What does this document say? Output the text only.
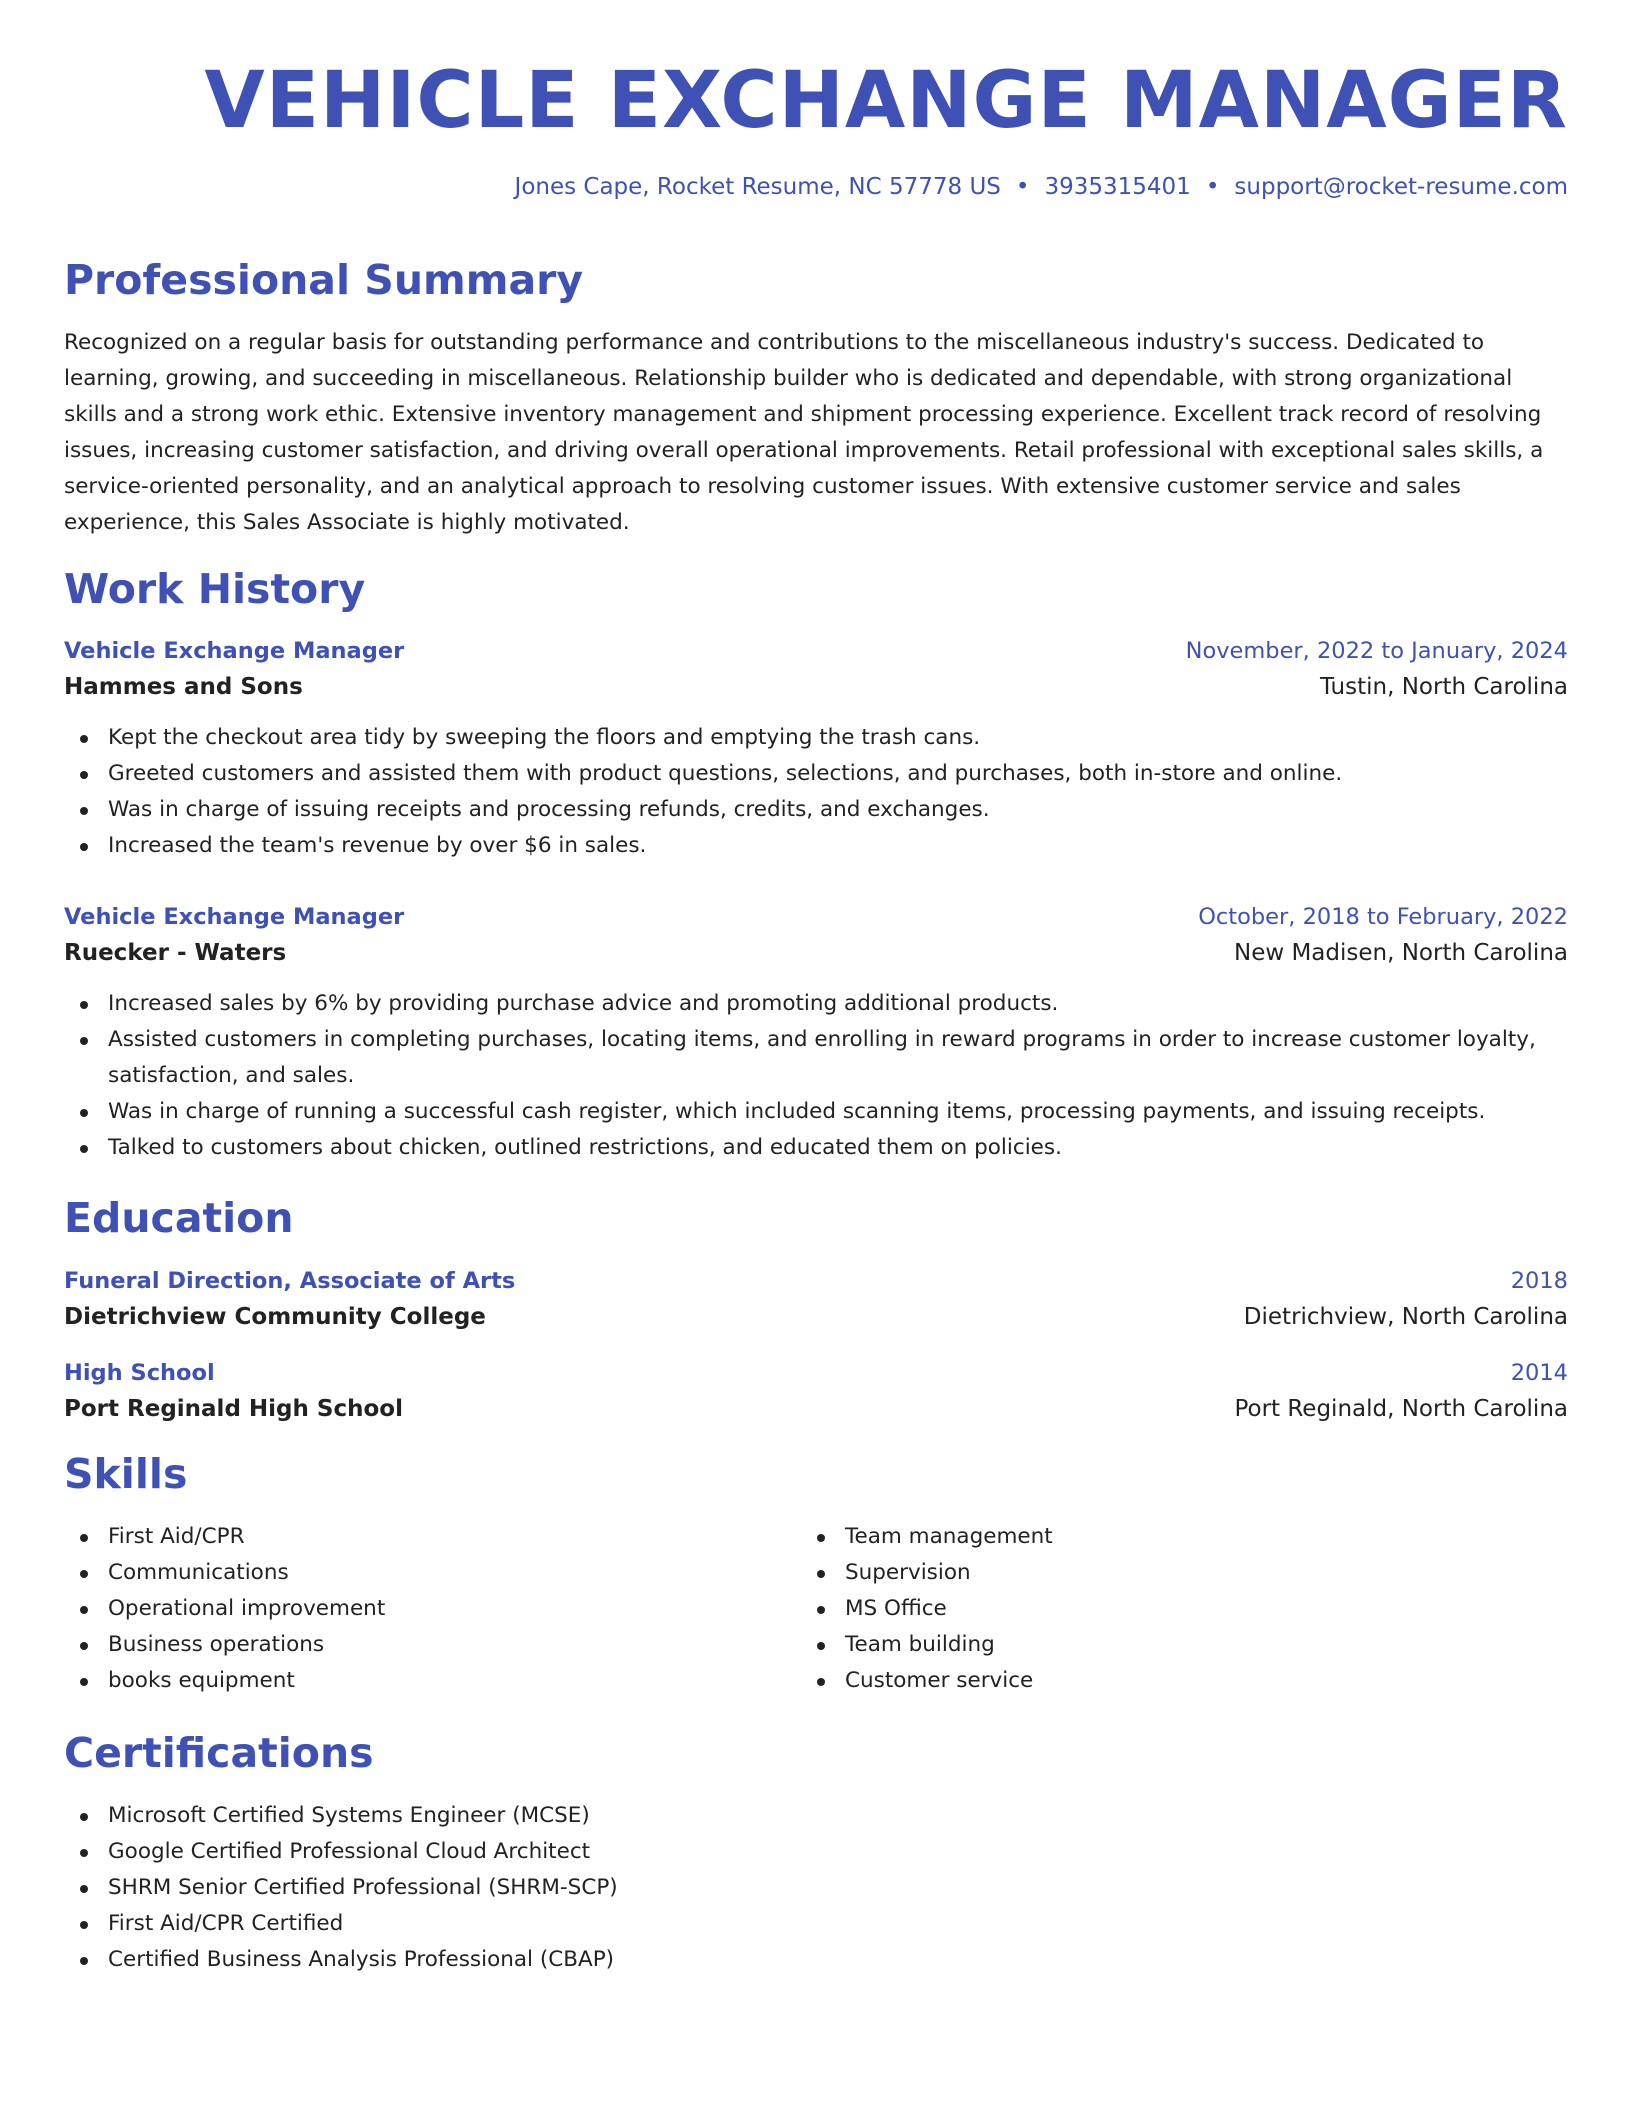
VEHICLE EXCHANGE MANAGER
Jones Cape, Rocket Resume, NC 57778 US • 3935315401 • support@rocket-resume.com
Professional Summary

Recognized on a regular basis for outstanding performance and contributions to the miscellaneous industry's success. Dedicated to learning, growing, and succeeding in miscellaneous. Relationship builder who is dedicated and dependable, with strong organizational skills and a strong work ethic. Extensive inventory management and shipment processing experience. Excellent track record of resolving issues, increasing customer satisfaction, and driving overall operational improvements. Retail professional with exceptional sales skills, a service-oriented personality, and an analytical approach to resolving customer issues. With extensive customer service and sales experience, this Sales Associate is highly motivated.

Work History
Vehicle Exchange Manager	November, 2022 to January, 2024
Hammes and Sons	Tustin, North Carolina
Kept the checkout area tidy by sweeping the floors and emptying the trash cans.
Greeted customers and assisted them with product questions, selections, and purchases, both in-store and online.
Was in charge of issuing receipts and processing refunds, credits, and exchanges.
Increased the team's revenue by over $6 in sales.
Vehicle Exchange Manager	October, 2018 to February, 2022
Ruecker - Waters	New Madisen, North Carolina
Increased sales by 6% by providing purchase advice and promoting additional products.
Assisted customers in completing purchases, locating items, and enrolling in reward programs in order to increase customer loyalty, satisfaction, and sales.
Was in charge of running a successful cash register, which included scanning items, processing payments, and issuing receipts.
Talked to customers about chicken, outlined restrictions, and educated them on policies.
Education
Funeral Direction, Associate of Arts	2018
Dietrichview Community College	Dietrichview, North Carolina
High School	2014
Port Reginald High School	Port Reginald, North Carolina
Skills
First Aid/CPR
Communications
Operational improvement
Business operations
books equipment
Team management
Supervision
MS Office
Team building
Customer service
Certifications
Microsoft Certified Systems Engineer (MCSE)
Google Certified Professional Cloud Architect
SHRM Senior Certified Professional (SHRM-SCP)
First Aid/CPR Certified
Certified Business Analysis Professional (CBAP)
